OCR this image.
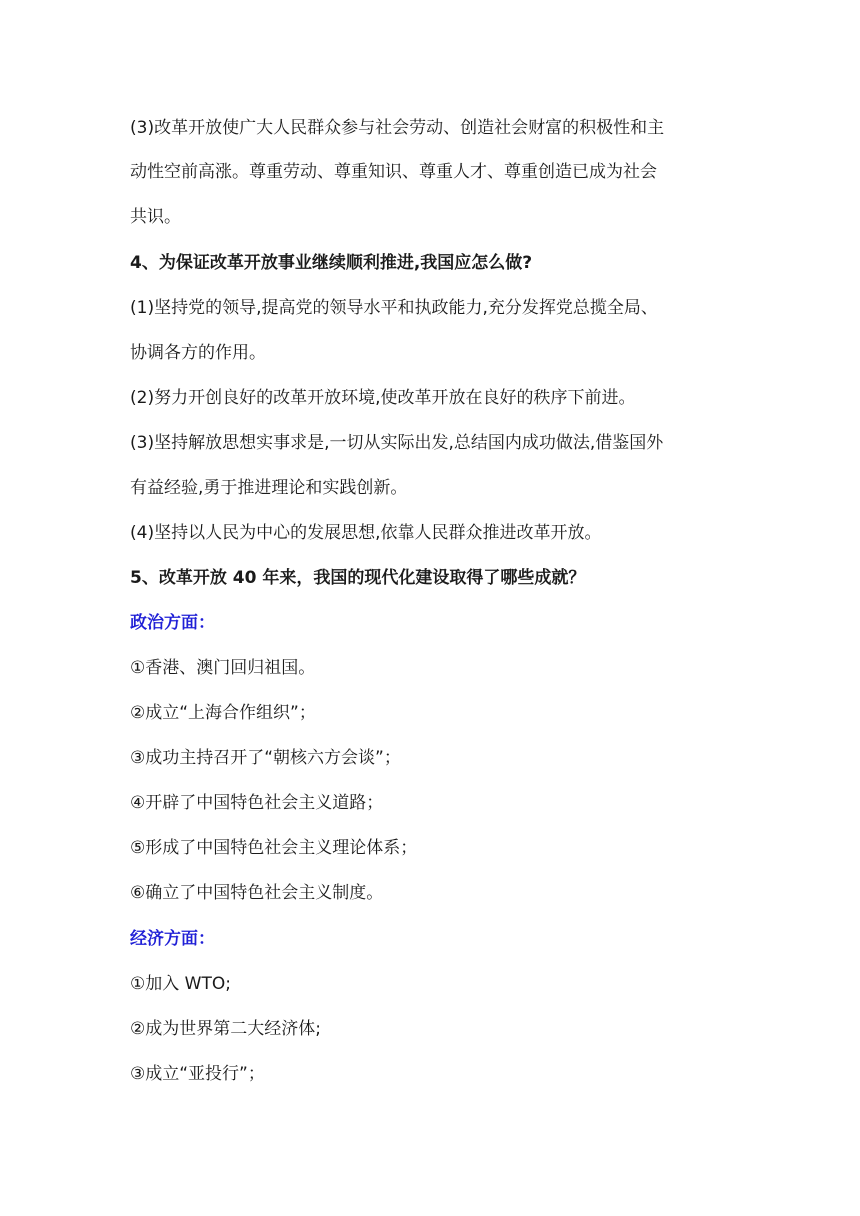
(3)改革开放使广大人民群众参与社会劳动、创造社会财富的积极性和主
动性空前高涨。尊重劳动、尊重知识、尊重人才、尊重创造已成为社会
共识。
4、为保证改革开放事业继续顺利推进,我国应怎么做?
(1)坚持党的领导,提高党的领导水平和执政能力,充分发挥党总揽全局、
协调各方的作用。
(2)努力开创良好的改革开放环境,使改革开放在良好的秩序下前进。
(3)坚持解放思想实事求是,一切从实际出发,总结国内成功做法,借鉴国外
有益经验,勇于推进理论和实践创新。
(4)坚持以人民为中心的发展思想,依靠人民群众推进改革开放。
5、改革开放 40 年来，我国的现代化建设取得了哪些成就？
政治方面：
①香港、澳门回归祖国。
②成立“上海合作组织”；
③成功主持召开了“朝核六方会谈”；
④开辟了中国特色社会主义道路；
⑤形成了中国特色社会主义理论体系；
⑥确立了中国特色社会主义制度。
经济方面：
①加入 WTO;
②成为世界第二大经济体;
③成立“亚投行”；
